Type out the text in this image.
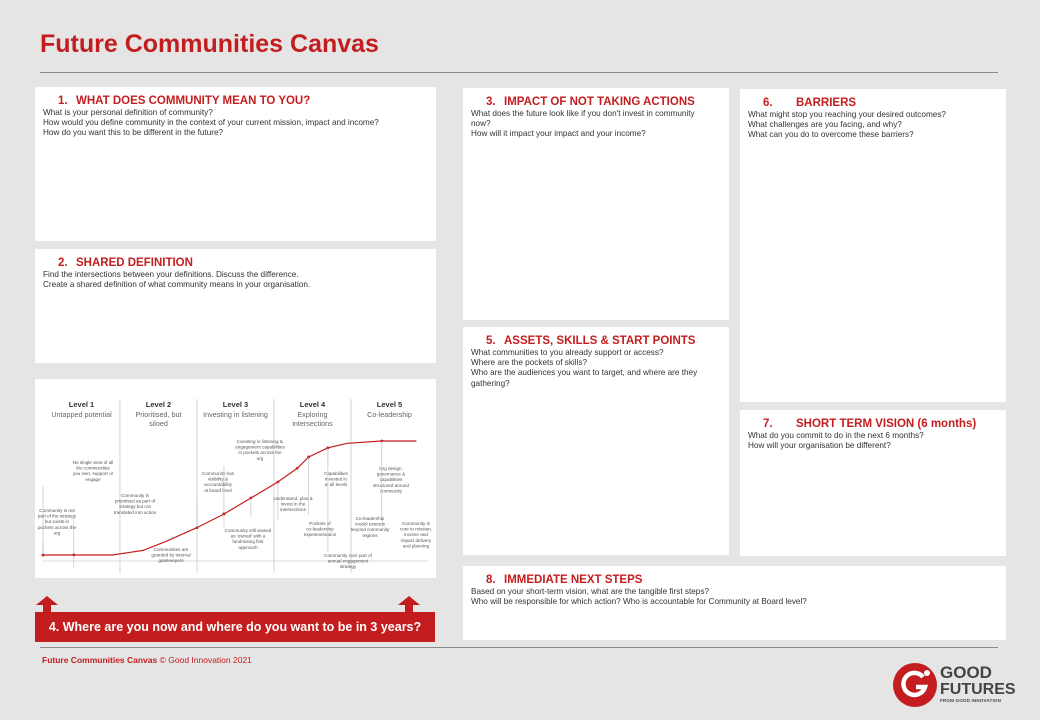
Future Communities Canvas
1. WHAT DOES COMMUNITY MEAN TO YOU?
What is your personal definition of community?
How would you define community in the context of your current mission, impact and income?
How do you want this to be different in the future?
2. SHARED DEFINITION
Find the intersections between your definitions. Discuss the difference.
Create a shared definition of what community means in your organisation.
3. IMPACT OF NOT TAKING ACTIONS
What does the future look like if you don't invest in community
now?
How will it impact your impact and your income?
5. ASSETS, SKILLS & START POINTS
What communities to you already support or access?
Where are the pockets of skills?
Who are the audiences you want to target, and where are they
gathering?
6.	BARRIERS
What might stop you reaching your desired outcomes?
What challenges are you facing, and why?
What can you do to overcome these barriers?
7.	SHORT TERM VISION (6 months)
What do you commit to do in the next 6 months?
How will your organisation be different?
8. IMMEDIATE NEXT STEPS
Based on your short-term vision, what are the tangible first steps?
Who will be responsible for which action? Who is accountable for Community at Board level?
Level 1
Untapped potential
Level 2
Prioritised, but
siloed
Level 3
Investing in listening
Level 4
Exploring
intersections
Level 5
Co-leadership
Community is not
part of the strategy
but exists in
pockets across the
org
No single view of all
the communities
you own, support or
engage
Community is
prioritised as part of
strategy but not
translated into action
Communities are
guarded by internal
gatekeepers
Community has
visibility &
accountability
at board level
Investing in listening &
engagement capabilities
in pockets across the
org
Community still viewed
as 'owned' with a
fundraising first
approach
Understand, plan &
invest in the
intersections
Pockets of
co-leadership
experimentation
Capabilities
invested in
at all levels
Co-leadership
model extends
beyond community
regions
Org design,
governance &
capabilities
structured around
community
Community core part of
annual engagement
strategy
Community is
core to mission,
income and
impact delivery
and planning
4. Where are you now and where do you want to be in 3 years?
Future Communities Canvas © Good Innovation 2021
GOOD
FUTURES
FROM GOOD INNOVATION
